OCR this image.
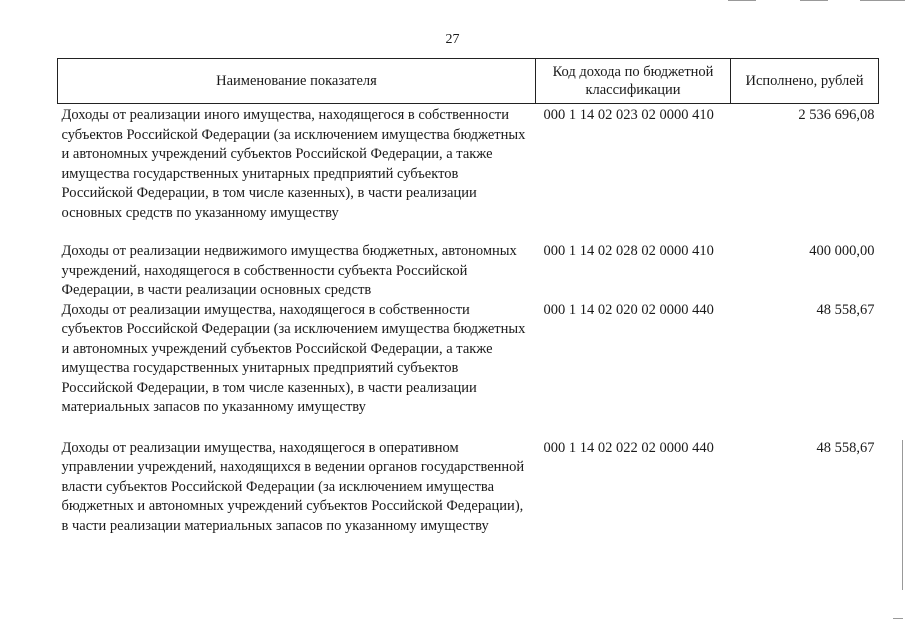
27
Наименование показателя	Код дохода по бюджетной классификации	Исполнено, рублей
Доходы от реализации иного имущества, находящегося в собственности субъектов Российской Федерации (за исключением имущества бюджетных и автономных учреждений субъектов Российской Федерации, а также имущества государственных унитарных предприятий субъектов Российской Федерации, в том числе казенных), в части реализации основных средств по указанному имуществу	000 1 14 02 023 02 0000 410	2 536 696,08
Доходы от реализации недвижимого имущества бюджетных, автономных учреждений, находящегося в собственности субъекта Российской Федерации, в части реализации основных средств	000 1 14 02 028 02 0000 410	400 000,00
Доходы от реализации имущества, находящегося в собственности субъектов Российской Федерации (за исключением имущества бюджетных и автономных учреждений субъектов Российской Федерации, а также имущества государственных унитарных предприятий субъектов Российской Федерации, в том числе казенных), в части реализации материальных запасов по указанному имуществу	000 1 14 02 020 02 0000 440	48 558,67
Доходы от реализации имущества, находящегося в оперативном управлении учреждений, находящихся в ведении органов государственной власти субъектов Российской Федерации (за исключением имущества бюджетных и автономных учреждений субъектов Российской Федерации), в части реализации материальных запасов по указанному имуществу	000 1 14 02 022 02 0000 440	48 558,67
